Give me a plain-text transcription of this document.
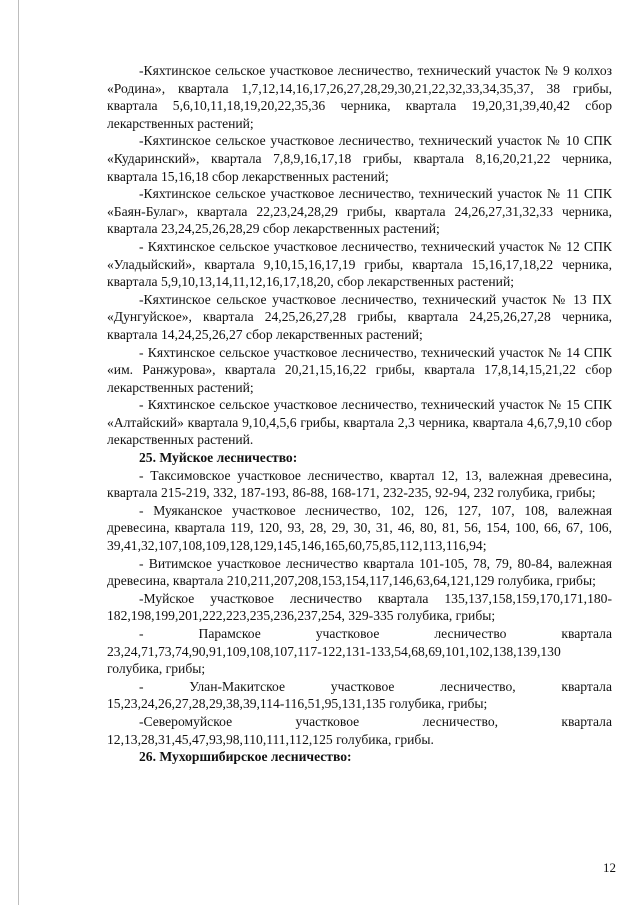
-Кяхтинское сельское участковое лесничество, технический участок № 9 колхоз «Родина», квартала 1,7,12,14,16,17,26,27,28,29,30,21,22,32,33,34,35,37, 38 грибы, квартала 5,6,10,11,18,19,20,22,35,36 черника, квартала 19,20,31,39,40,42 сбор лекарственных растений;

-Кяхтинское сельское участковое лесничество, технический участок № 10 СПК «Кударинский», квартала 7,8,9,16,17,18 грибы, квартала 8,16,20,21,22 черника, квартала 15,16,18 сбор лекарственных растений;

-Кяхтинское сельское участковое лесничество, технический участок № 11 СПК «Баян-Булаг», квартала 22,23,24,28,29 грибы, квартала 24,26,27,31,32,33 черника, квартала 23,24,25,26,28,29 сбор лекарственных растений;

- Кяхтинское сельское участковое лесничество, технический участок № 12 СПК «Уладыйский», квартала 9,10,15,16,17,19 грибы, квартала 15,16,17,18,22 черника, квартала 5,9,10,13,14,11,12,16,17,18,20, сбор лекарственных растений;

-Кяхтинское сельское участковое лесничество, технический участок № 13 ПХ «Дунгуйское», квартала 24,25,26,27,28 грибы, квартала 24,25,26,27,28 черника, квартала 14,24,25,26,27 сбор лекарственных растений;

- Кяхтинское сельское участковое лесничество, технический участок № 14 СПК «им. Ранжурова», квартала 20,21,15,16,22 грибы, квартала 17,8,14,15,21,22 сбор лекарственных растений;

- Кяхтинское сельское участковое лесничество, технический участок № 15 СПК «Алтайский» квартала 9,10,4,5,6 грибы, квартала 2,3 черника, квартала 4,6,7,9,10 сбор лекарственных растений.

25. Муйское лесничество:

- Таксимовское участковое лесничество, квартал 12, 13, валежная древесина, квартала 215-219, 332, 187-193, 86-88, 168-171, 232-235, 92-94, 232 голубика, грибы;

- Муяканское участковое лесничество, 102, 126, 127, 107, 108, валежная древесина, квартала 119, 120, 93, 28, 29, 30, 31, 46, 80, 81, 56, 154, 100, 66, 67, 106, 39,41,32,107,108,109,128,129,145,146,165,60,75,85,112,113,116,94;

- Витимское участковое лесничество квартала 101-105, 78, 79, 80-84, валежная древесина, квартала 210,211,207,208,153,154,117,146,63,64,121,129 голубика, грибы;

-Муйское участковое лесничество квартала 135,137,158,159,170,171,180-182,198,199,201,222,223,235,236,237,254, 329-335 голубика, грибы;

- Парамское участковое лесничество квартала 23,24,71,73,74,90,91,109,108,107,117-122,131-133,54,68,69,101,102,138,139,130 голубика, грибы;

- Улан-Макитское участковое лесничество, квартала 15,23,24,26,27,28,29,38,39,114-116,51,95,131,135 голубика, грибы;

-Северомуйское участковое лесничество, квартала 12,13,28,31,45,47,93,98,110,111,112,125 голубика, грибы.

26. Мухоршибирское лесничество:

12
